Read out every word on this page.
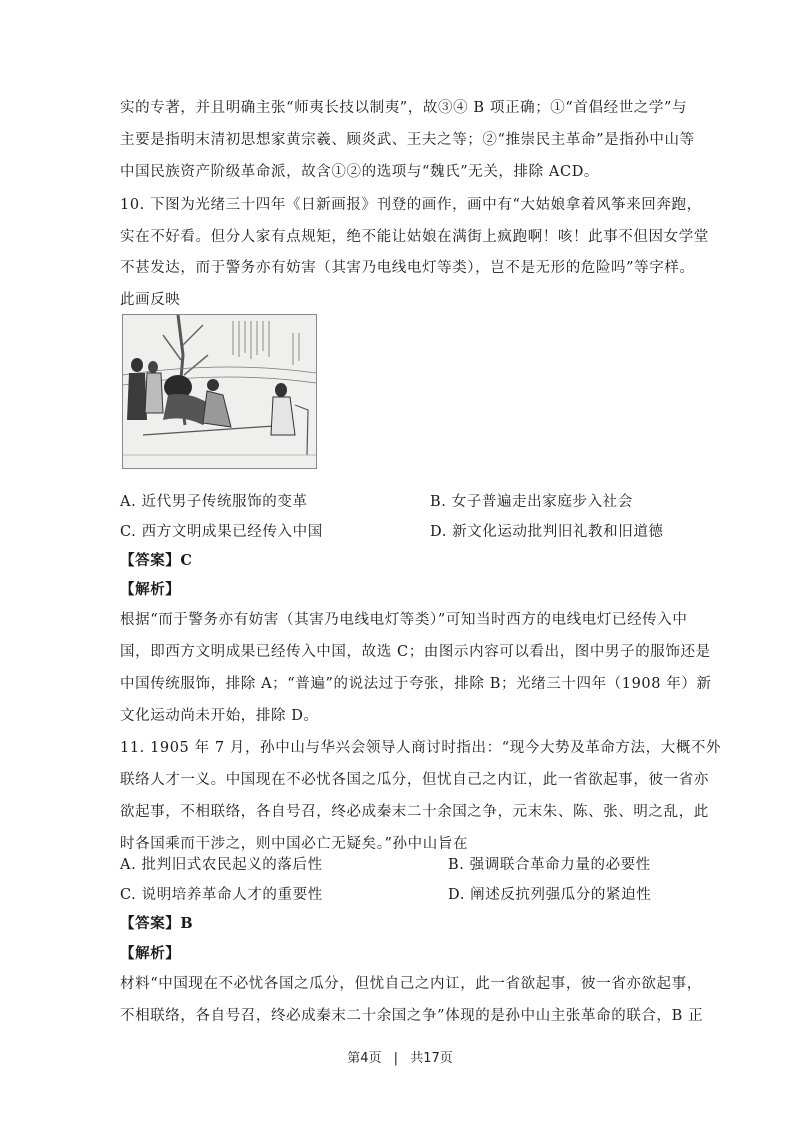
实的专著，并且明确主张“师夷长技以制夷”，故③④ B 项正确；①“首倡经世之学”与
主要是指明末清初思想家黄宗羲、顾炎武、王夫之等；②“推崇民主革命”是指孙中山等
中国民族资产阶级革命派，故含①②的选项与“魏氏”无关，排除 ACD。
10. 下图为光绪三十四年《日新画报》刊登的画作，画中有“大姑娘拿着风筝来回奔跑，
实在不好看。但分人家有点规矩，绝不能让姑娘在满街上疯跑啊！咳！此事不但因女学堂
不甚发达，而于警务亦有妨害（其害乃电线电灯等类），岂不是无形的危险吗”等字样。
此画反映
A. 近代男子传统服饰的变革	B. 女子普遍走出家庭步入社会
C. 西方文明成果已经传入中国	D. 新文化运动批判旧礼教和旧道德
【答案】C
【解析】
根据“而于警务亦有妨害（其害乃电线电灯等类）”可知当时西方的电线电灯已经传入中
国，即西方文明成果已经传入中国，故选 C；由图示内容可以看出，图中男子的服饰还是
中国传统服饰，排除 A；“普遍”的说法过于夸张，排除 B；光绪三十四年（1908 年）新
文化运动尚未开始，排除 D。
11. 1905 年 7 月，孙中山与华兴会领导人商讨时指出：“现今大势及革命方法，大概不外
联络人才一义。中国现在不必忧各国之瓜分，但忧自己之内讧，此一省欲起事，彼一省亦
欲起事，不相联络，各自号召，终必成秦末二十余国之争，元末朱、陈、张、明之乱，此
时各国乘而干涉之，则中国必亡无疑矣。”孙中山旨在
A. 批判旧式农民起义的落后性	B. 强调联合革命力量的必要性
C. 说明培养革命人才的重要性	D. 阐述反抗列强瓜分的紧迫性
【答案】B
【解析】
材料“中国现在不必忧各国之瓜分，但忧自己之内讧，此一省欲起事，彼一省亦欲起事，
不相联络，各自号召，终必成秦末二十余国之争”体现的是孙中山主张革命的联合，B 正
第4页 | 共17页
